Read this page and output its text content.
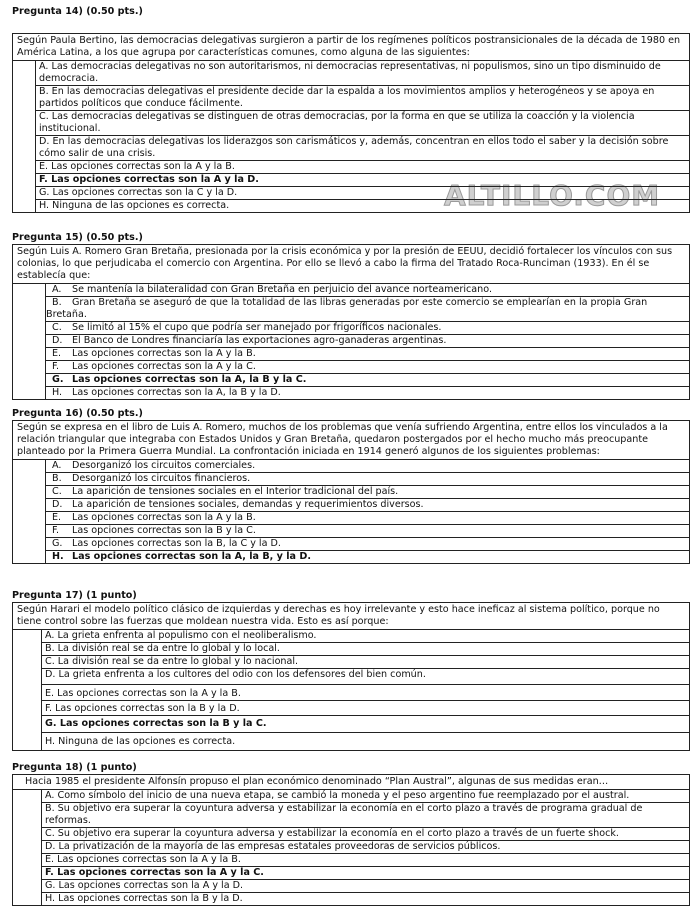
ALTILLO.COM
Pregunta 14) (0.50 pts.)
Según Paula Bertino, las democracias delegativas surgieron a partir de los regímenes políticos postransicionales de la década de 1980 en América Latina, a los que agrupa por características comunes, como alguna de las siguientes:
A. Las democracias delegativas no son autoritarismos, ni democracias representativas, ni populismos, sino un tipo disminuido de democracia.
B. En las democracias delegativas el presidente decide dar la espalda a los movimientos amplios y heterogéneos y se apoya en partidos políticos que conduce fácilmente.
C. Las democracias delegativas se distinguen de otras democracias, por la forma en que se utiliza la coacción y la violencia institucional.
D. En las democracias delegativas los liderazgos son carismáticos y, además, concentran en ellos todo el saber y la decisión sobre cómo salir de una crisis.
E. Las opciones correctas son la A y la B.
F. Las opciones correctas son la A y la D.
G. Las opciones correctas son la C y la D.
H. Ninguna de las opciones es correcta.
Pregunta 15) (0.50 pts.)
Según Luis A. Romero Gran Bretaña, presionada por la crisis económica y por la presión de EEUU, decidió fortalecer los vínculos con sus colonias, lo que perjudicaba el comercio con Argentina. Por ello se llevó a cabo la firma del Tratado Roca-Runciman (1933). En él se establecía que:
A. Se mantenía la bilateralidad con Gran Bretaña en perjuicio del avance norteamericano.
B. Gran Bretaña se aseguró de que la totalidad de las libras generadas por este comercio se emplearían en la propia Gran Bretaña.
C. Se limitó al 15% el cupo que podría ser manejado por frigoríficos nacionales.
D. El Banco de Londres financiaría las exportaciones agro-ganaderas argentinas.
E. Las opciones correctas son la A y la B.
F. Las opciones correctas son la A y la C.
G. Las opciones correctas son la A, la B y la C.
H. Las opciones correctas son la A, la B y la D.
Pregunta 16) (0.50 pts.)
Según se expresa en el libro de Luis A. Romero, muchos de los problemas que venía sufriendo Argentina, entre ellos los vinculados a la relación triangular que integraba con Estados Unidos y Gran Bretaña, quedaron postergados por el hecho mucho más preocupante planteado por la Primera Guerra Mundial. La confrontación iniciada en 1914 generó algunos de los siguientes problemas:
A. Desorganizó los circuitos comerciales.
B. Desorganizó los circuitos financieros.
C. La aparición de tensiones sociales en el Interior tradicional del país.
D. La aparición de tensiones sociales, demandas y requerimientos diversos.
E. Las opciones correctas son la A y la B.
F. Las opciones correctas son la B y la C.
G. Las opciones correctas son la B, la C y la D.
H. Las opciones correctas son la A, la B, y la D.
Pregunta 17) (1 punto)
Según Harari el modelo político clásico de izquierdas y derechas es hoy irrelevante y esto hace ineficaz al sistema político, porque no tiene control sobre las fuerzas que moldean nuestra vida. Esto es así porque:
A. La grieta enfrenta al populismo con el neoliberalismo.
B. La división real se da entre lo global y lo local.
C. La división real se da entre lo global y lo nacional.
D. La grieta enfrenta a los cultores del odio con los defensores del bien común.
E. Las opciones correctas son la A y la B.
F. Las opciones correctas son la B y la D.
G. Las opciones correctas son la B y la C.
H. Ninguna de las opciones es correcta.
Pregunta 18) (1 punto)
Hacia 1985 el presidente Alfonsín propuso el plan económico denominado “Plan Austral”, algunas de sus medidas eran…
A. Como símbolo del inicio de una nueva etapa, se cambió la moneda y el peso argentino fue reemplazado por el austral.
B. Su objetivo era superar la coyuntura adversa y estabilizar la economía en el corto plazo a través de programa gradual de reformas.
C. Su objetivo era superar la coyuntura adversa y estabilizar la economía en el corto plazo a través de un fuerte shock.
D. La privatización de la mayoría de las empresas estatales proveedoras de servicios públicos.
E. Las opciones correctas son la A y la B.
F. Las opciones correctas son la A y la C.
G. Las opciones correctas son la A y la D.
H. Las opciones correctas son la B y la D.
